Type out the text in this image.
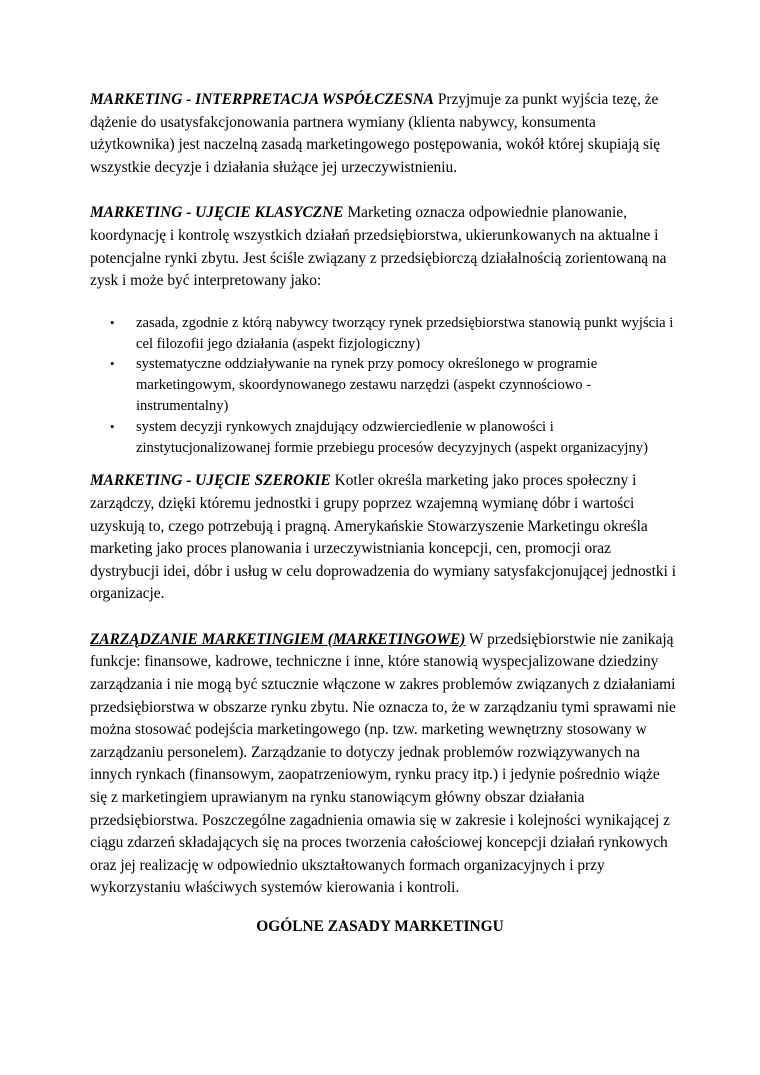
MARKETING - INTERPRETACJA WSPÓŁCZESNA Przyjmuje za punkt wyjścia tezę, że dążenie do usatysfakcjonowania partnera wymiany (klienta nabywcy, konsumenta użytkownika) jest naczelną zasadą marketingowego postępowania, wokół której skupiają się wszystkie decyzje i działania służące jej urzeczywistnieniu.

MARKETING - UJĘCIE KLASYCZNE Marketing oznacza odpowiednie planowanie, koordynację i kontrolę wszystkich działań przedsiębiorstwa, ukierunkowanych na aktualne i potencjalne rynki zbytu. Jest ściśle związany z przedsiębiorczą działalnością zorientowaną na zysk i może być interpretowany jako:

• zasada, zgodnie z którą nabywcy tworzący rynek przedsiębiorstwa stanowią punkt wyjścia i cel filozofii jego działania (aspekt fizjologiczny)
• systematyczne oddziaływanie na rynek przy pomocy określonego w programie marketingowym, skoordynowanego zestawu narzędzi (aspekt czynnościowo - instrumentalny)
• system decyzji rynkowych znajdujący odzwierciedlenie w planowości i zinstytucjonalizowanej formie przebiegu procesów decyzyjnych (aspekt organizacyjny)

MARKETING - UJĘCIE SZEROKIE Kotler określa marketing jako proces społeczny i zarządczy, dzięki któremu jednostki i grupy poprzez wzajemną wymianę dóbr i wartości uzyskują to, czego potrzebują i pragną. Amerykańskie Stowarzyszenie Marketingu określa marketing jako proces planowania i urzeczywistniania koncepcji, cen, promocji oraz dystrybucji idei, dóbr i usług w celu doprowadzenia do wymiany satysfakcjonującej jednostki i organizacje.

ZARZĄDZANIE MARKETINGIEM (MARKETINGOWE) W przedsiębiorstwie nie zanikają funkcje: finansowe, kadrowe, techniczne i inne, które stanowią wyspecjalizowane dziedziny zarządzania i nie mogą być sztucznie włączone w zakres problemów związanych z działaniami przedsiębiorstwa w obszarze rynku zbytu. Nie oznacza to, że w zarządzaniu tymi sprawami nie można stosować podejścia marketingowego (np. tzw. marketing wewnętrzny stosowany w zarządzaniu personelem). Zarządzanie to dotyczy jednak problemów rozwiązywanych na innych rynkach (finansowym, zaopatrzeniowym, rynku pracy itp.) i jedynie pośrednio wiąże się z marketingiem uprawianym na rynku stanowiącym główny obszar działania przedsiębiorstwa. Poszczególne zagadnienia omawia się w zakresie i kolejności wynikającej z ciągu zdarzeń składających się na proces tworzenia całościowej koncepcji działań rynkowych oraz jej realizację w odpowiednio ukształtowanych formach organizacyjnych i przy wykorzystaniu właściwych systemów kierowania i kontroli.

OGÓLNE ZASADY MARKETINGU
